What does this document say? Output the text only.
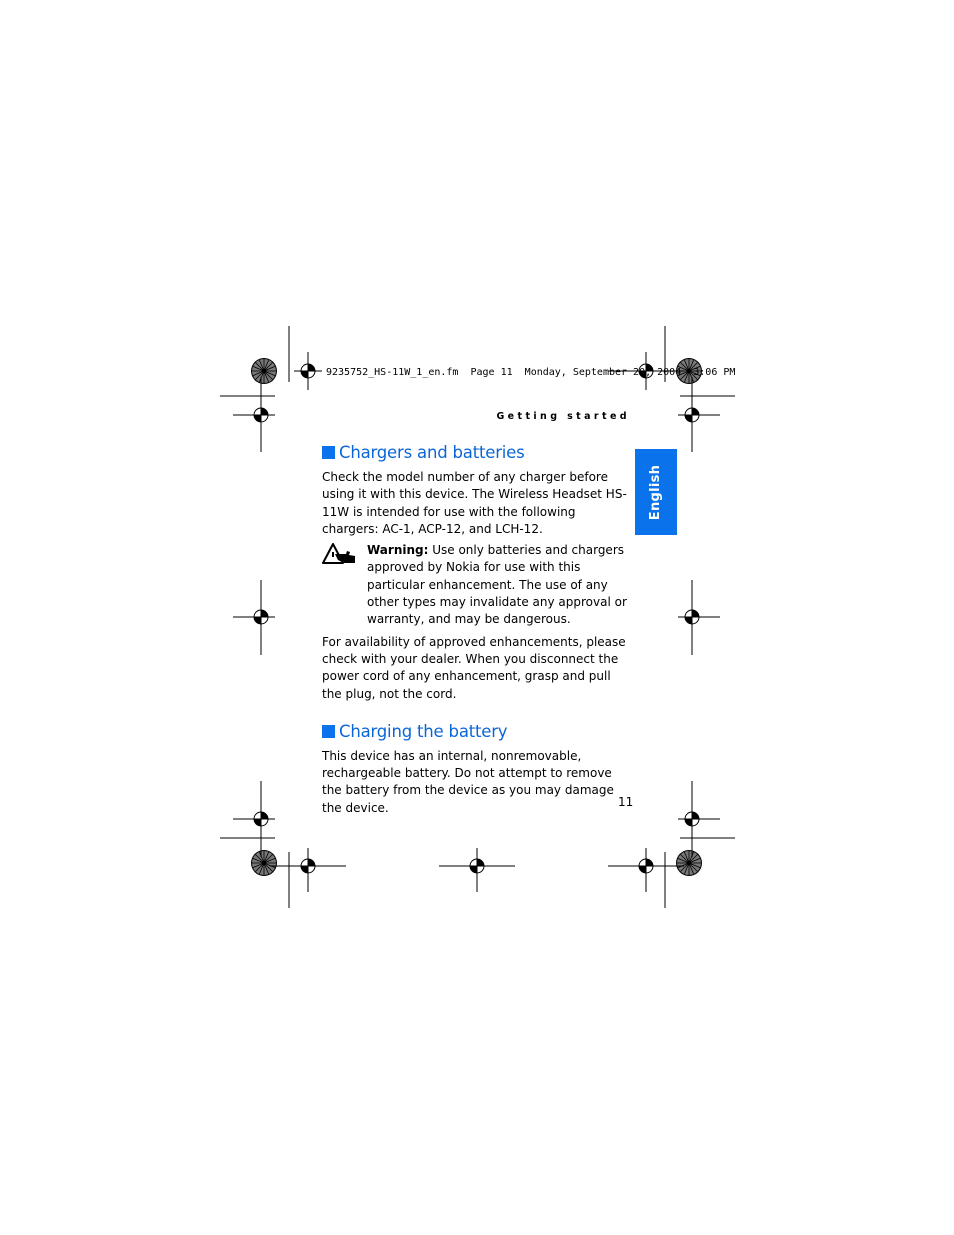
9235752_HS-11W_1_en.fm  Page 11  Monday, September 20, 2004  3:06 PM
Getting started
English
Chargers and batteries

Check the model number of any charger before using it with this device. The Wireless Headset HS-11W is intended for use with the following chargers: AC-1, ACP-12, and LCH-12.

Warning: Use only batteries and chargers approved by Nokia for use with this particular enhancement. The use of any other types may invalidate any approval or warranty, and may be dangerous.

For availability of approved enhancements, please check with your dealer. When you disconnect the power cord of any enhancement, grasp and pull the plug, not the cord.

Charging the battery

This device has an internal, nonremovable, rechargeable battery. Do not attempt to remove the battery from the device as you may damage the device.	11
